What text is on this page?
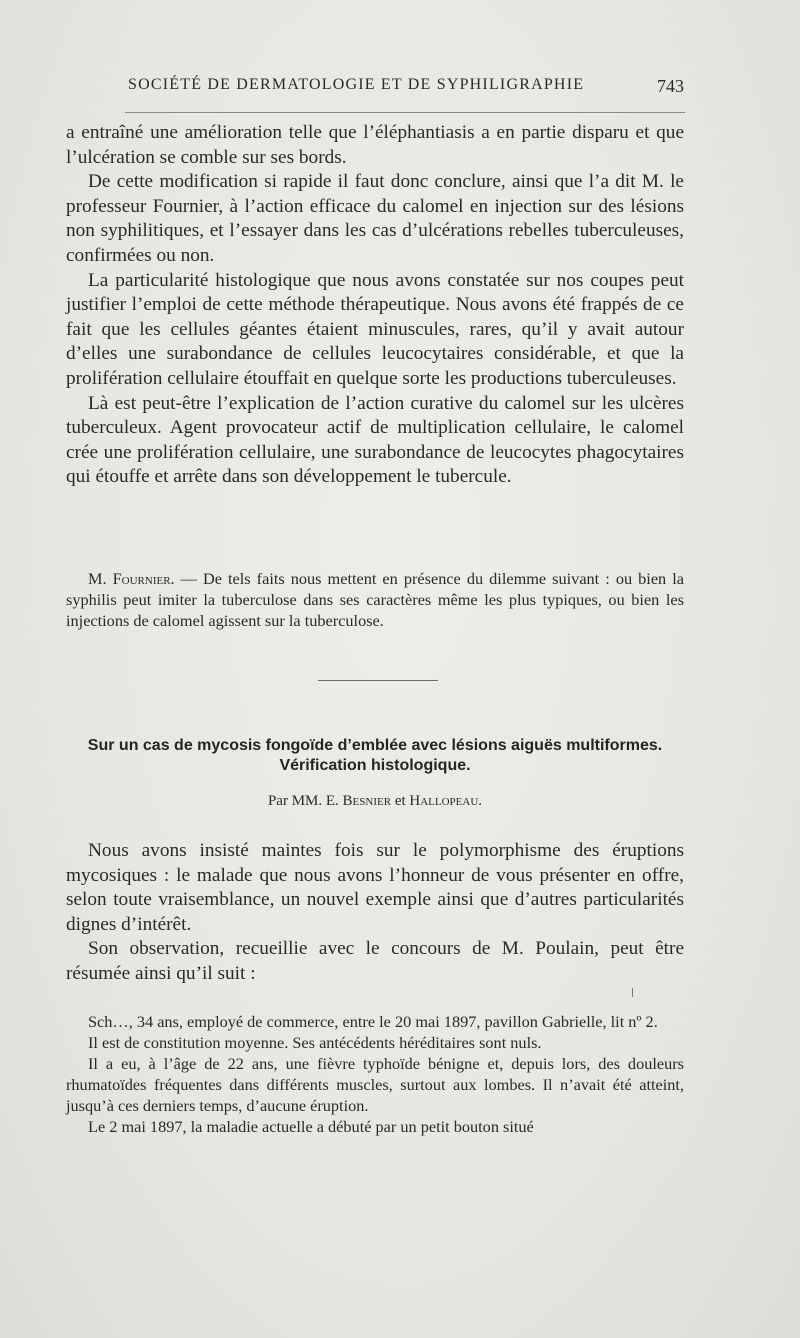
SOCIÉTÉ DE DERMATOLOGIE ET DE SYPHILIGRAPHIE	743

a entraîné une amélioration telle que l’éléphantiasis a en partie disparu et que l’ulcération se comble sur ses bords.

De cette modification si rapide il faut donc conclure, ainsi que l’a dit M. le professeur Fournier, à l’action efficace du calomel en injection sur des lésions non syphilitiques, et l’essayer dans les cas d’ulcérations rebelles tuberculeuses, confirmées ou non.

La particularité histologique que nous avons constatée sur nos coupes peut justifier l’emploi de cette méthode thérapeutique. Nous avons été frappés de ce fait que les cellules géantes étaient minuscules, rares, qu’il y avait autour d’elles une surabondance de cellules leucocytaires considérable, et que la prolifération cellulaire étouffait en quelque sorte les productions tuberculeuses.

Là est peut-être l’explication de l’action curative du calomel sur les ulcères tuberculeux. Agent provocateur actif de multiplication cellulaire, le calomel crée une prolifération cellulaire, une surabondance de leucocytes phagocytaires qui étouffe et arrête dans son développement le tubercule.

M. Fournier. — De tels faits nous mettent en présence du dilemme suivant : ou bien la syphilis peut imiter la tuberculose dans ses caractères même les plus typiques, ou bien les injections de calomel agissent sur la tuberculose.

Sur un cas de mycosis fongoïde d’emblée avec lésions aiguës multiformes. Vérification histologique.
Par MM. E. Besnier et Hallopeau.

Nous avons insisté maintes fois sur le polymorphisme des éruptions mycosiques : le malade que nous avons l’honneur de vous présenter en offre, selon toute vraisemblance, un nouvel exemple ainsi que d’autres particularités dignes d’intérêt.

Son observation, recueillie avec le concours de M. Poulain, peut être résumée ainsi qu’il suit :

Sch…, 34 ans, employé de commerce, entre le 20 mai 1897, pavillon Gabrielle, lit nº 2.

Il est de constitution moyenne. Ses antécédents héréditaires sont nuls.

Il a eu, à l’âge de 22 ans, une fièvre typhoïde bénigne et, depuis lors, des douleurs rhumatoïdes fréquentes dans différents muscles, surtout aux lombes. Il n’avait été atteint, jusqu’à ces derniers temps, d’aucune éruption.

Le 2 mai 1897, la maladie actuelle a débuté par un petit bouton situé
